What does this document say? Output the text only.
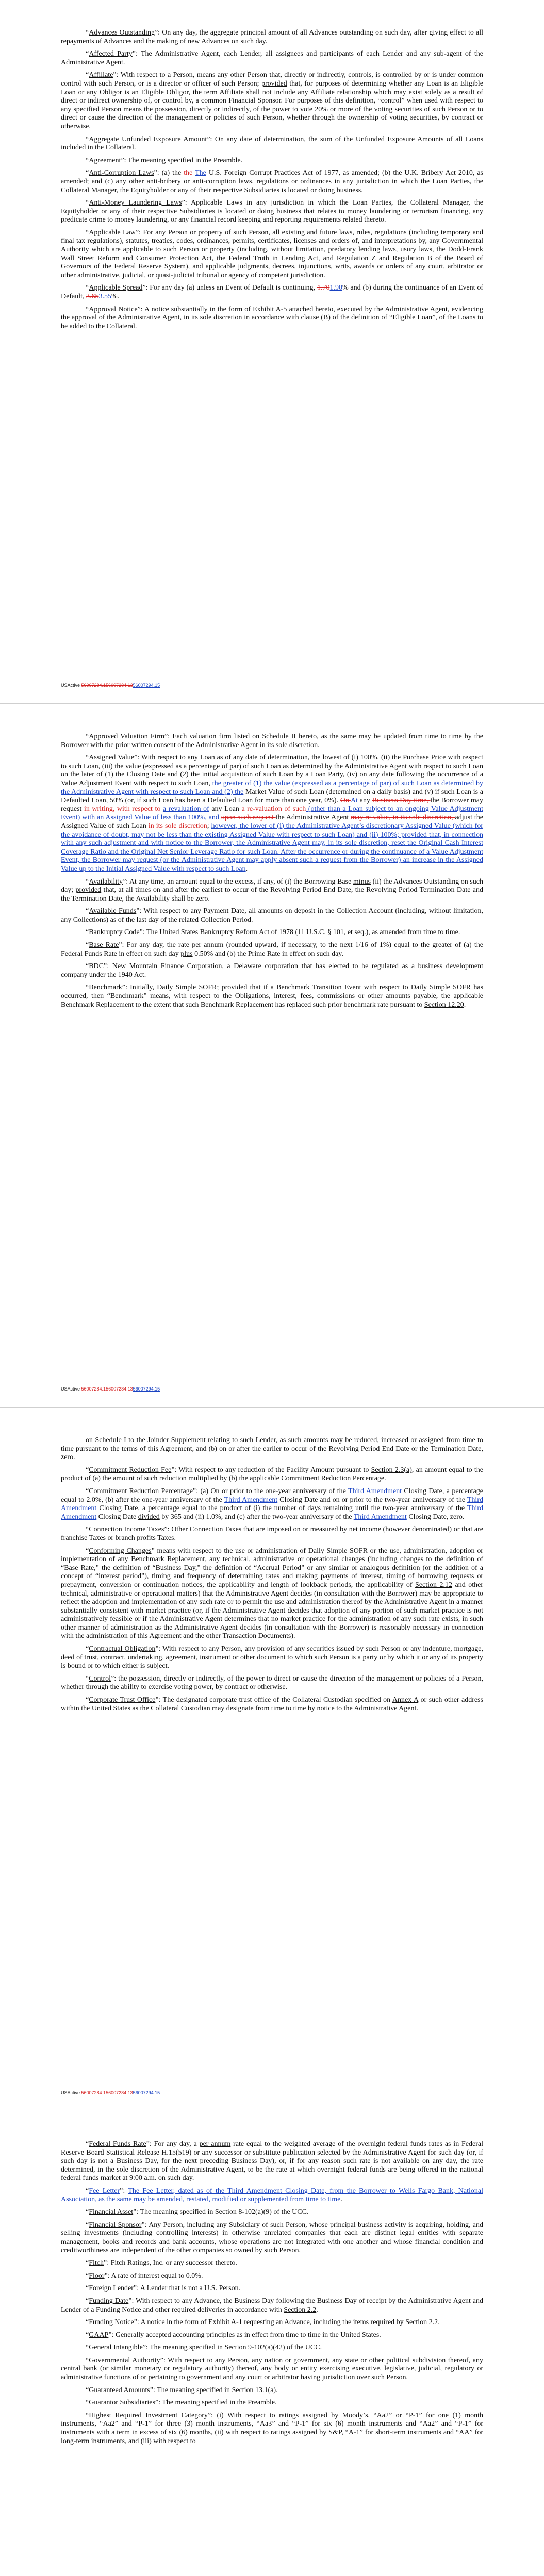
“Advances Outstanding”: On any day, the aggregate principal amount of all Advances outstanding on such day, after giving effect to all repayments of Advances and the making of new Advances on such day.

“Affected Party”: The Administrative Agent, each Lender, all assignees and participants of each Lender and any sub-agent of the Administrative Agent.

“Affiliate”: With respect to a Person, means any other Person that, directly or indirectly, controls, is controlled by or is under common control with such Person, or is a director or officer of such Person; provided that, for purposes of determining whether any Loan is an Eligible Loan or any Obligor is an Eligible Obligor, the term Affiliate shall not include any Affiliate relationship which may exist solely as a result of direct or indirect ownership of, or control by, a common Financial Sponsor. For purposes of this definition, “control” when used with respect to any specified Person means the possession, directly or indirectly, of the power to vote 20% or more of the voting securities of such Person or to direct or cause the direction of the management or policies of such Person, whether through the ownership of voting securities, by contract or otherwise.

“Aggregate Unfunded Exposure Amount”: On any date of determination, the sum of the Unfunded Exposure Amounts of all Loans included in the Collateral.

“Agreement”: The meaning specified in the Preamble.

“Anti-Corruption Laws”: (a) the the The U.S. Foreign Corrupt Practices Act of 1977, as amended; (b) the U.K. Bribery Act 2010, as amended; and (c) any other anti-bribery or anti-corruption laws, regulations or ordinances in any jurisdiction in which the Loan Parties, the Collateral Manager, the Equityholder or any of their respective Subsidiaries is located or doing business.

“Anti-Money Laundering Laws”: Applicable Laws in any jurisdiction in which the Loan Parties, the Collateral Manager, the Equityholder or any of their respective Subsidiaries is located or doing business that relates to money laundering or terrorism financing, any predicate crime to money laundering, or any financial record keeping and reporting requirements related thereto.

“Applicable Law”: For any Person or property of such Person, all existing and future laws, rules, regulations (including temporary and final tax regulations), statutes, treaties, codes, ordinances, permits, certificates, licenses and orders of, and interpretations by, any Governmental Authority which are applicable to such Person or property (including, without limitation, predatory lending laws, usury laws, the Dodd-Frank Wall Street Reform and Consumer Protection Act, the Federal Truth in Lending Act, and Regulation Z and Regulation B of the Board of Governors of the Federal Reserve System), and applicable judgments, decrees, injunctions, writs, awards or orders of any court, arbitrator or other administrative, judicial, or quasi-judicial tribunal or agency of competent jurisdiction.

“Applicable Spread”: For any day (a) unless an Event of Default is continuing, 1.701.90% and (b) during the continuance of an Event of Default, 3.653.55%.

“Approval Notice”: A notice substantially in the form of Exhibit A-5 attached hereto, executed by the Administrative Agent, evidencing the approval of the Administrative Agent, in its sole discretion in accordance with clause (B) of the definition of “Eligible Loan”, of the Loans to be added to the Collateral.

USActive 56007284.156007284.1356007294.15

“Approved Valuation Firm”: Each valuation firm listed on Schedule II hereto, as the same may be updated from time to time by the Borrower with the prior written consent of the Administrative Agent in its sole discretion.

“Assigned Value”: With respect to any Loan as of any date of determination, the lowest of (i) 100%, (ii) the Purchase Price with respect to such Loan, (iii) the value (expressed as a percentage of par) of such Loan as determined by the Administrative Agent with respect to such Loan on the later of (1) the Closing Date and (2) the initial acquisition of such Loan by a Loan Party, (iv) on any date following the occurrence of a Value Adjustment Event with respect to such Loan, the greater of (1) the value (expressed as a percentage of par) of such Loan as determined by the Administrative Agent with respect to such Loan and (2) the Market Value of such Loan (determined on a daily basis) and (v) if such Loan is a Defaulted Loan, 50% (or, if such Loan has been a Defaulted Loan for more than one year, 0%). On At any Business Day time, the Borrower may request in writing, with respect to a revaluation of any Loan a re-valuation of such (other than a Loan subject to an ongoing Value Adjustment Event) with an Assigned Value of less than 100%, and upon such request the Administrative Agent may re-value, in its sole discretion, adjust the Assigned Value of such Loan in its sole discretion; however, the lower of (i) the Administrative Agent’s discretionary Assigned Value (which for the avoidance of doubt, may not be less than the existing Assigned Value with respect to such Loan) and (ii) 100%; provided that, in connection with any such adjustment and with notice to the Borrower, the Administrative Agent may, in its sole discretion, reset the Original Cash Interest Coverage Ratio and the Original Net Senior Leverage Ratio for such Loan. After the occurrence or during the continuance of a Value Adjustment Event, the Borrower may request (or the Administrative Agent may apply absent such a request from the Borrower) an increase in the Assigned Value up to the Initial Assigned Value with respect to such Loan.

“Availability”: At any time, an amount equal to the excess, if any, of (i) the Borrowing Base minus (ii) the Advances Outstanding on such day; provided that, at all times on and after the earliest to occur of the Revolving Period End Date, the Revolving Period Termination Date and the Termination Date, the Availability shall be zero.

“Available Funds”: With respect to any Payment Date, all amounts on deposit in the Collection Account (including, without limitation, any Collections) as of the last day of the related Collection Period.

“Bankruptcy Code”: The United States Bankruptcy Reform Act of 1978 (11 U.S.C. § 101, et seq.), as amended from time to time.

“Base Rate”: For any day, the rate per annum (rounded upward, if necessary, to the next 1/16 of 1%) equal to the greater of (a) the Federal Funds Rate in effect on such day plus 0.50% and (b) the Prime Rate in effect on such day.

“BDC”: New Mountain Finance Corporation, a Delaware corporation that has elected to be regulated as a business development company under the 1940 Act.

“Benchmark”: Initially, Daily Simple SOFR; provided that if a Benchmark Transition Event with respect to Daily Simple SOFR has occurred, then “Benchmark” means, with respect to the Obligations, interest, fees, commissions or other amounts payable, the applicable Benchmark Replacement to the extent that such Benchmark Replacement has replaced such prior benchmark rate pursuant to Section 12.20.

USActive 56007284.156007284.1356007294.15

on Schedule I to the Joinder Supplement relating to such Lender, as such amounts may be reduced, increased or assigned from time to time pursuant to the terms of this Agreement, and (b) on or after the earlier to occur of the Revolving Period End Date or the Termination Date, zero.

“Commitment Reduction Fee”: With respect to any reduction of the Facility Amount pursuant to Section 2.3(a), an amount equal to the product of (a) the amount of such reduction multiplied by (b) the applicable Commitment Reduction Percentage.

“Commitment Reduction Percentage”: (a) On or prior to the one-year anniversary of the Third Amendment Closing Date, a percentage equal to 2.0%, (b) after the one-year anniversary of the Third Amendment Closing Date and on or prior to the two-year anniversary of the Third Amendment Closing Date, a percentage equal to the product of (i) the number of days remaining until the two-year anniversary of the Third Amendment Closing Date divided by 365 and (ii) 1.0%, and (c) after the two-year anniversary of the Third Amendment Closing Date, zero.

“Connection Income Taxes”: Other Connection Taxes that are imposed on or measured by net income (however denominated) or that are franchise Taxes or branch profits Taxes.

“Conforming Changes” means with respect to the use or administration of Daily Simple SOFR or the use, administration, adoption or implementation of any Benchmark Replacement, any technical, administrative or operational changes (including changes to the definition of “Base Rate,” the definition of “Business Day,” the definition of “Accrual Period” or any similar or analogous definition (or the addition of a concept of “interest period”), timing and frequency of determining rates and making payments of interest, timing of borrowing requests or prepayment, conversion or continuation notices, the applicability and length of lookback periods, the applicability of Section 2.12 and other technical, administrative or operational matters) that the Administrative Agent decides (in consultation with the Borrower) may be appropriate to reflect the adoption and implementation of any such rate or to permit the use and administration thereof by the Administrative Agent in a manner substantially consistent with market practice (or, if the Administrative Agent decides that adoption of any portion of such market practice is not administratively feasible or if the Administrative Agent determines that no market practice for the administration of any such rate exists, in such other manner of administration as the Administrative Agent decides (in consultation with the Borrower) is reasonably necessary in connection with the administration of this Agreement and the other Transaction Documents).

“Contractual Obligation”: With respect to any Person, any provision of any securities issued by such Person or any indenture, mortgage, deed of trust, contract, undertaking, agreement, instrument or other document to which such Person is a party or by which it or any of its property is bound or to which either is subject.

“Control”: the possession, directly or indirectly, of the power to direct or cause the direction of the management or policies of a Person, whether through the ability to exercise voting power, by contract or otherwise.

“Corporate Trust Office”: The designated corporate trust office of the Collateral Custodian specified on Annex A or such other address within the United States as the Collateral Custodian may designate from time to time by notice to the Administrative Agent.

USActive 56007284.156007284.1356007294.15

“Federal Funds Rate”: For any day, a per annum rate equal to the weighted average of the overnight federal funds rates as in Federal Reserve Board Statistical Release H.15(519) or any successor or substitute publication selected by the Administrative Agent for such day (or, if such day is not a Business Day, for the next preceding Business Day), or, if for any reason such rate is not available on any day, the rate determined, in the sole discretion of the Administrative Agent, to be the rate at which overnight federal funds are being offered in the national federal funds market at 9:00 a.m. on such day.

“Fee Letter”: The Fee Letter, dated as of the Third Amendment Closing Date, from the Borrower to Wells Fargo Bank, National Association, as the same may be amended, restated, modified or supplemented from time to time.

“Financial Asset”: The meaning specified in Section 8-102(a)(9) of the UCC.

“Financial Sponsor”: Any Person, including any Subsidiary of such Person, whose principal business activity is acquiring, holding, and selling investments (including controlling interests) in otherwise unrelated companies that each are distinct legal entities with separate management, books and records and bank accounts, whose operations are not integrated with one another and whose financial condition and creditworthiness are independent of the other companies so owned by such Person.

“Fitch”: Fitch Ratings, Inc. or any successor thereto.

“Floor”: A rate of interest equal to 0.0%.

“Foreign Lender”: A Lender that is not a U.S. Person.

“Funding Date”: With respect to any Advance, the Business Day following the Business Day of receipt by the Administrative Agent and Lender of a Funding Notice and other required deliveries in accordance with Section 2.2.

“Funding Notice”: A notice in the form of Exhibit A-1 requesting an Advance, including the items required by Section 2.2.

“GAAP”: Generally accepted accounting principles as in effect from time to time in the United States.

“General Intangible”: The meaning specified in Section 9-102(a)(42) of the UCC.

“Governmental Authority”: With respect to any Person, any nation or government, any state or other political subdivision thereof, any central bank (or similar monetary or regulatory authority) thereof, any body or entity exercising executive, legislative, judicial, regulatory or administrative functions of or pertaining to government and any court or arbitrator having jurisdiction over such Person.

“Guaranteed Amounts”: The meaning specified in Section 13.1(a).

“Guarantor Subsidiaries”: The meaning specified in the Preamble.

“Highest Required Investment Category”: (i) With respect to ratings assigned by Moody’s, “Aa2” or “P-1” for one (1) month instruments, “Aa2” and “P-1” for three (3) month instruments, “Aa3” and “P-1” for six (6) month instruments and “Aa2” and “P-1” for instruments with a term in excess of six (6) months, (ii) with respect to ratings assigned by S&P, “A-1” for short-term instruments and “AA” for long-term instruments, and (iii) with respect to
